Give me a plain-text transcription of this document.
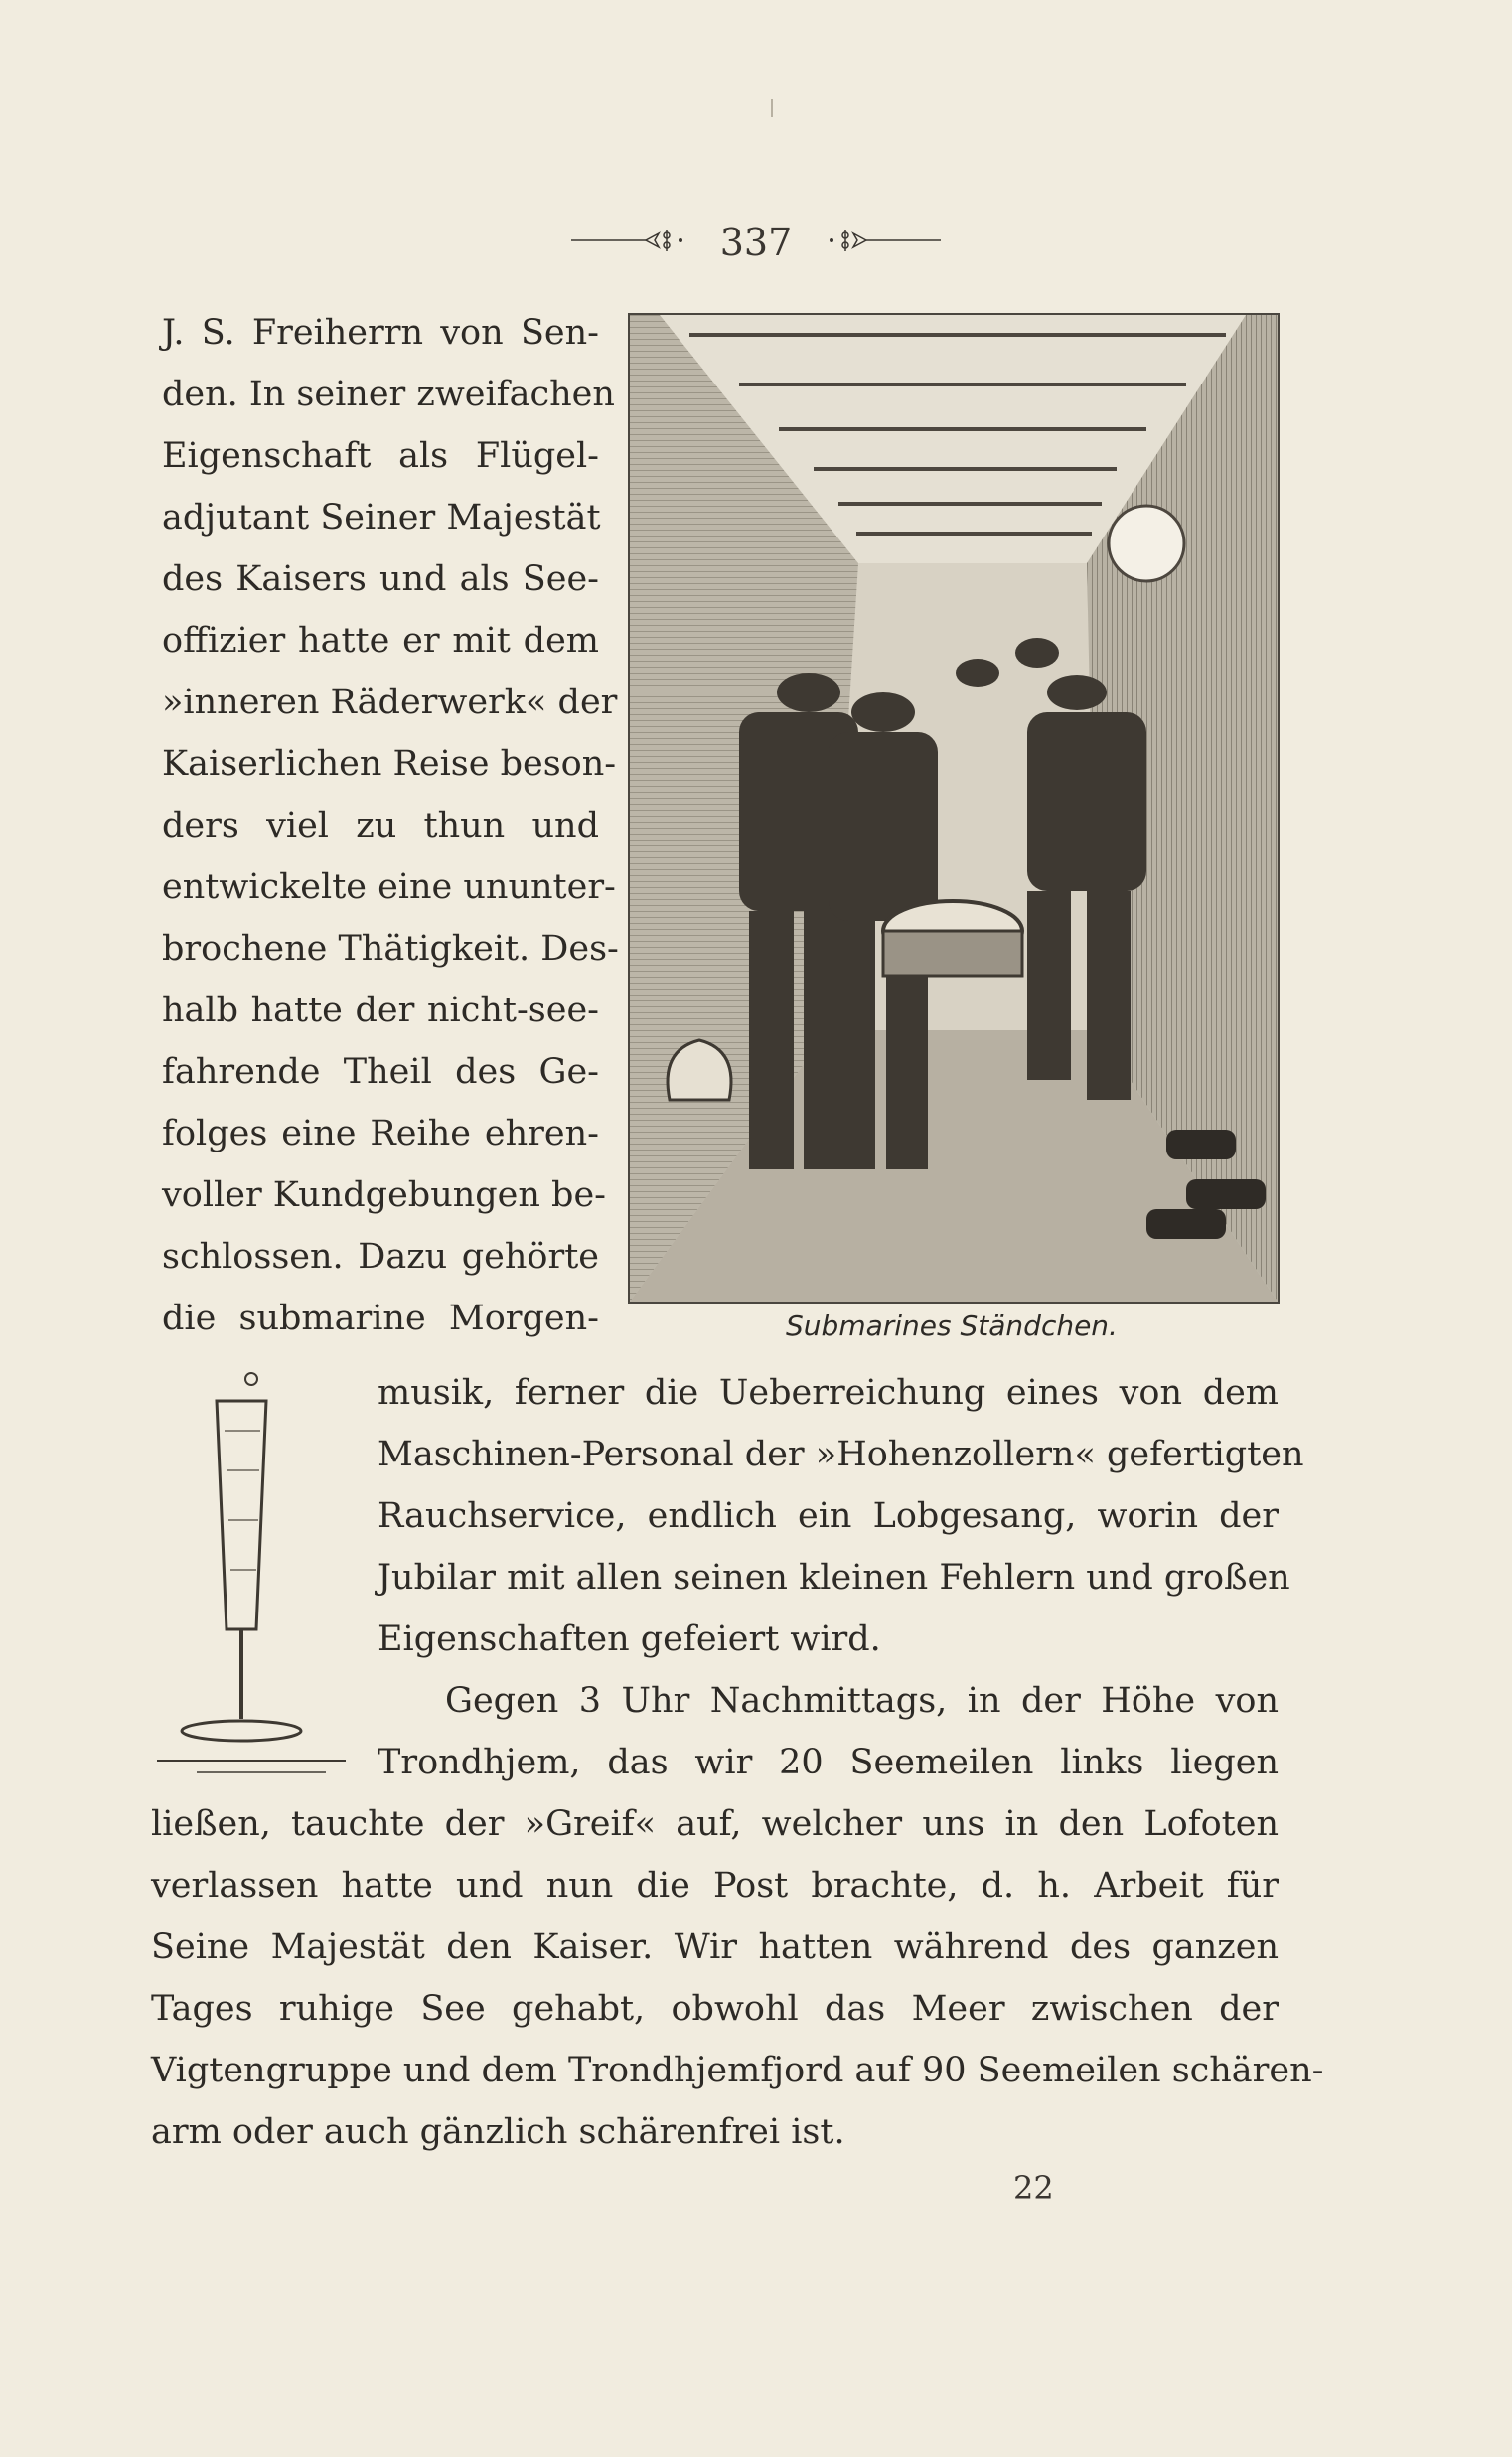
337
J. S. Freiherrn von Sen-
den. In seiner zweifachen
Eigenschaft als Flügel-
adjutant Seiner Majestät
des Kaisers und als See-
offizier hatte er mit dem
»inneren Räderwerk« der
Kaiserlichen Reise beson-
ders viel zu thun und
entwickelte eine ununter-
brochene Thätigkeit. Des-
halb hatte der nicht-see-
fahrende Theil des Ge-
folges eine Reihe ehren-
voller Kundgebungen be-
schlossen. Dazu gehörte
die submarine Morgen-	Submarines Ständchen.
musik, ferner die Ueberreichung eines von dem
Maschinen-Personal der »Hohenzollern« gefertigten
Rauchservice, endlich ein Lobgesang, worin der
Jubilar mit allen seinen kleinen Fehlern und großen
Eigenschaften gefeiert wird.
Gegen 3 Uhr Nachmittags, in der Höhe von
Trondhjem, das wir 20 Seemeilen links liegen
ließen, tauchte der »Greif« auf, welcher uns in den Lofoten
verlassen hatte und nun die Post brachte, d. h. Arbeit für
Seine Majestät den Kaiser. Wir hatten während des ganzen
Tages ruhige See gehabt, obwohl das Meer zwischen der
Vigtengruppe und dem Trondhjemfjord auf 90 Seemeilen schären-
arm oder auch gänzlich schärenfrei ist.
22
